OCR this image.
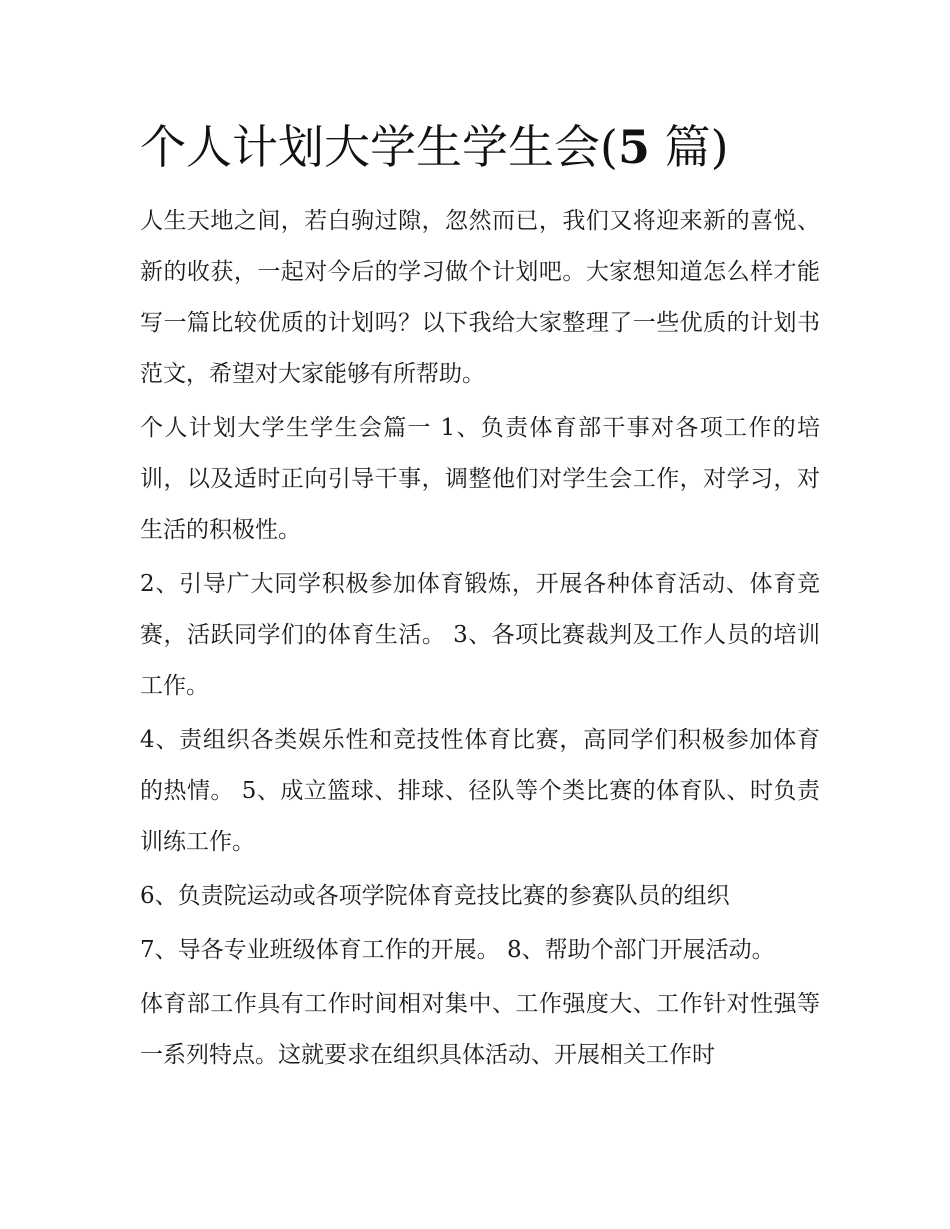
个人计划大学生学生会(5 篇)

人生天地之间，若白驹过隙，忽然而已，我们又将迎来新的喜悦、新的收获，一起对今后的学习做个计划吧。大家想知道怎么样才能写一篇比较优质的计划吗？以下我给大家整理了一些优质的计划书范文，希望对大家能够有所帮助。

个人计划大学生学生会篇一 1、负责体育部干事对各项工作的培训，以及适时正向引导干事，调整他们对学生会工作，对学习，对生活的积极性。

2、引导广大同学积极参加体育锻炼，开展各种体育活动、体育竞赛，活跃同学们的体育生活。 3、各项比赛裁判及工作人员的培训工作。

4、责组织各类娱乐性和竞技性体育比赛，高同学们积极参加体育的热情。 5、成立篮球、排球、径队等个类比赛的体育队、时负责训练工作。

6、负责院运动或各项学院体育竞技比赛的参赛队员的组织

7、导各专业班级体育工作的开展。 8、帮助个部门开展活动。

体育部工作具有工作时间相对集中、工作强度大、工作针对性强等一系列特点。这就要求在组织具体活动、开展相关工作时
